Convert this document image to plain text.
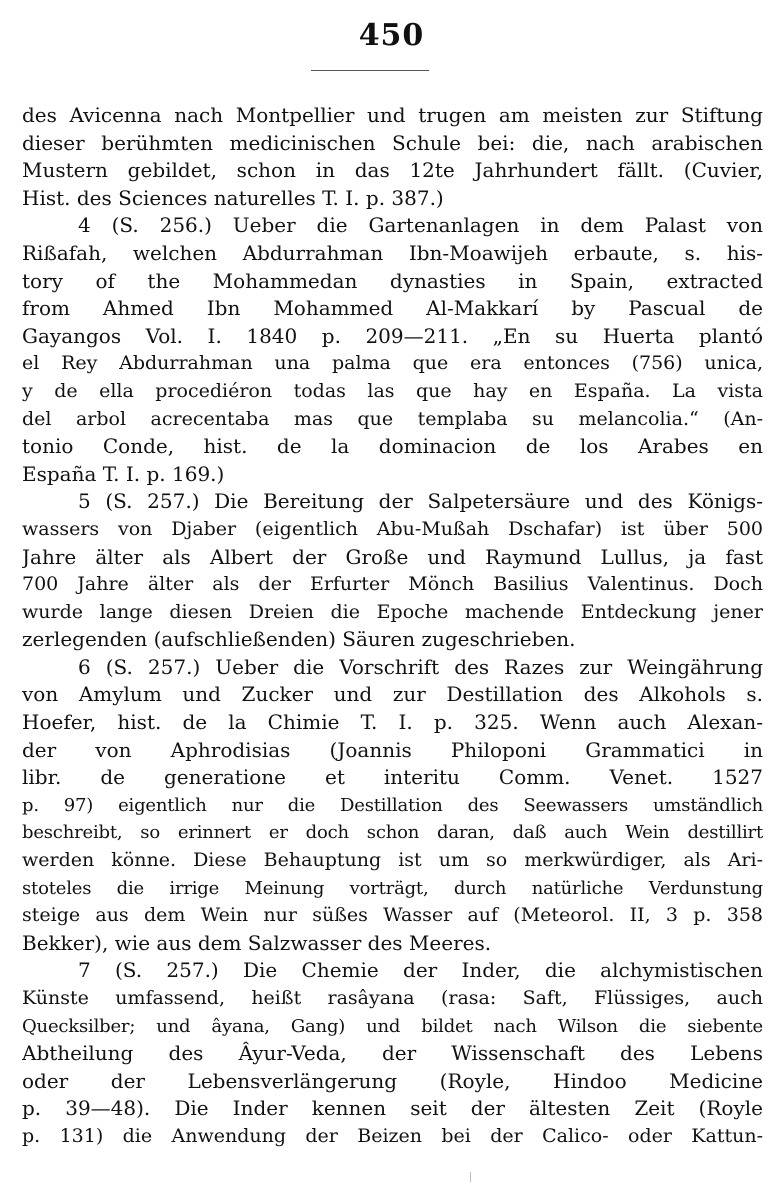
450
des Avicenna nach Montpellier und trugen am meisten zur Stiftung
dieser berühmten medicinischen Schule bei: die, nach arabischen
Mustern gebildet, schon in das 12te Jahrhundert fällt. (Cuvier,
Hist. des Sciences naturelles T. I. p. 387.)
4 (S. 256.) Ueber die Gartenanlagen in dem Palast von
Rißafah, welchen Abdurrahman Ibn-Moawijeh erbaute, s. his-
tory of the Mohammedan dynasties in Spain, extracted
from Ahmed Ibn Mohammed Al-Makkarí by Pascual de
Gayangos Vol. I. 1840 p. 209—211. „En su Huerta plantó
el Rey Abdurrahman una palma que era entonces (756) unica,
y de ella procediéron todas las que hay en España. La vista
del arbol acrecentaba mas que templaba su melancolia.“ (An-
tonio Conde, hist. de la dominacion de los Arabes en
España T. I. p. 169.)
5 (S. 257.) Die Bereitung der Salpetersäure und des Königs-
wassers von Djaber (eigentlich Abu-Mußah Dschafar) ist über 500
Jahre älter als Albert der Große und Raymund Lullus, ja fast
700 Jahre älter als der Erfurter Mönch Basilius Valentinus. Doch
wurde lange diesen Dreien die Epoche machende Entdeckung jener
zerlegenden (aufschließenden) Säuren zugeschrieben.
6 (S. 257.) Ueber die Vorschrift des Razes zur Weingährung
von Amylum und Zucker und zur Destillation des Alkohols s.
Hoefer, hist. de la Chimie T. I. p. 325. Wenn auch Alexan-
der von Aphrodisias (Joannis Philoponi Grammatici in
libr. de generatione et interitu Comm. Venet. 1527
p. 97) eigentlich nur die Destillation des Seewassers umständlich
beschreibt, so erinnert er doch schon daran, daß auch Wein destillirt
werden könne. Diese Behauptung ist um so merkwürdiger, als Ari-
stoteles die irrige Meinung vorträgt, durch natürliche Verdunstung
steige aus dem Wein nur süßes Wasser auf (Meteorol. II, 3 p. 358
Bekker), wie aus dem Salzwasser des Meeres.
7 (S. 257.) Die Chemie der Inder, die alchymistischen
Künste umfassend, heißt rasâyana (rasa: Saft, Flüssiges, auch
Quecksilber; und âyana, Gang) und bildet nach Wilson die siebente
Abtheilung des Âyur-Veda, der Wissenschaft des Lebens
oder der Lebensverlängerung (Royle, Hindoo Medicine
p. 39—48). Die Inder kennen seit der ältesten Zeit (Royle
p. 131) die Anwendung der Beizen bei der Calico- oder Kattun-
